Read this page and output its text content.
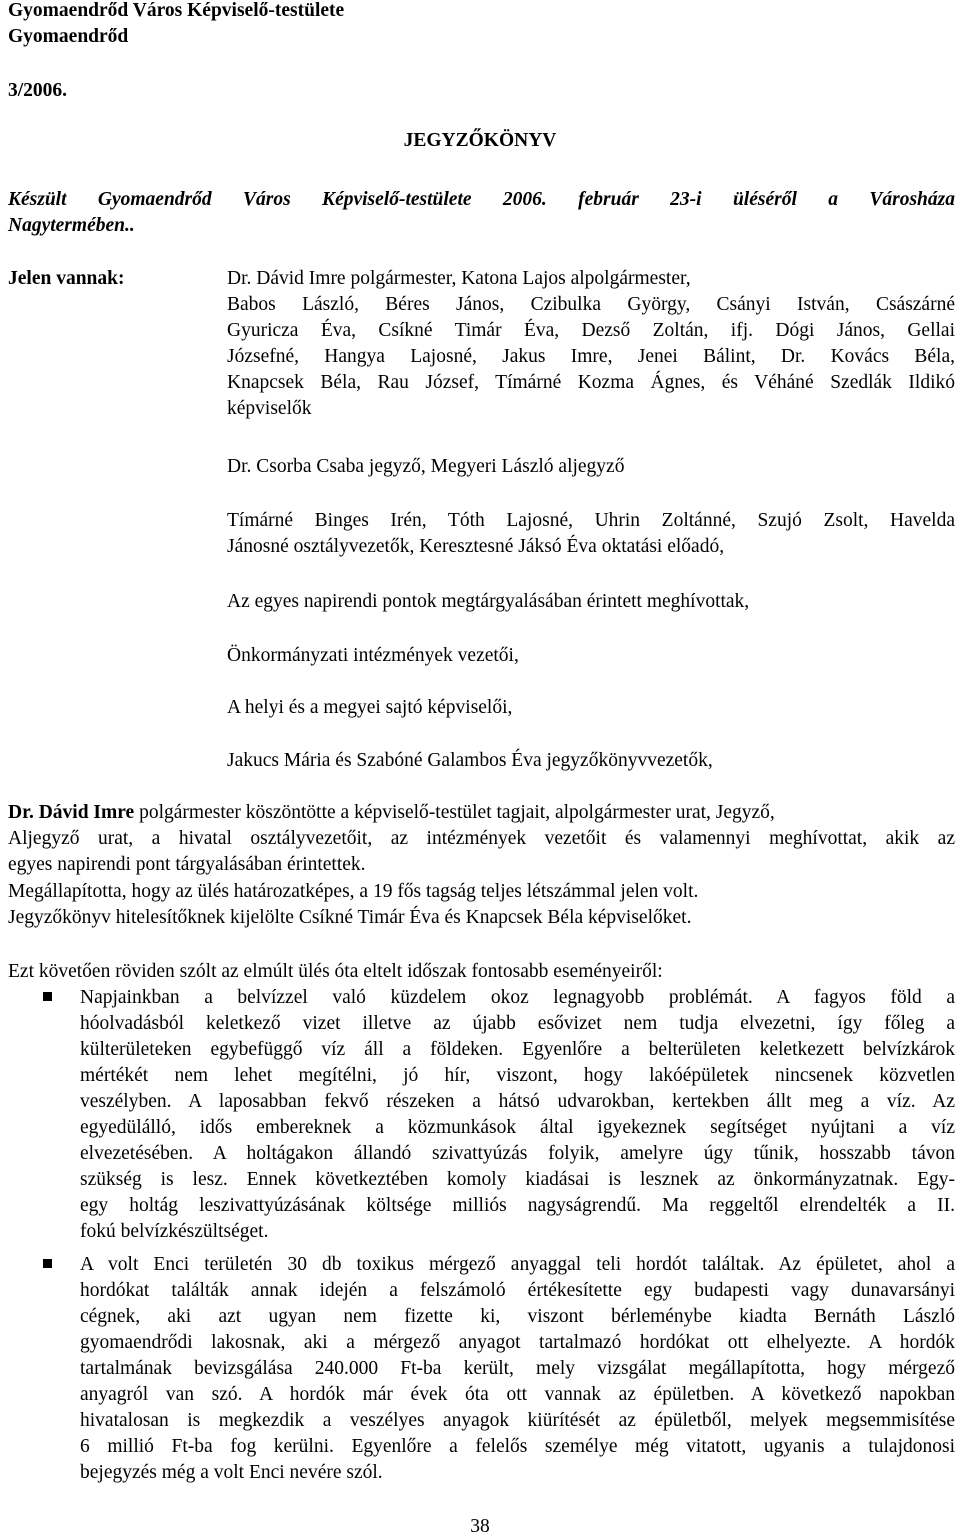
Gyomaendrőd Város Képviselő-testülete
Gyomaendrőd
3/2006.
JEGYZŐKÖNYV
Készült Gyomaendrőd Város Képviselő-testülete 2006. február 23-i üléséről a Városháza
Nagytermében..
Jelen vannak:	Dr. Dávid Imre polgármester, Katona Lajos alpolgármester,
Babos László, Béres János, Czibulka György, Csányi István, Császárné
Gyuricza Éva, Csíkné Timár Éva, Dezső Zoltán, ifj. Dógi János, Gellai
Józsefné, Hangya Lajosné, Jakus Imre, Jenei Bálint, Dr. Kovács Béla,
Knapcsek Béla, Rau József, Tímárné Kozma Ágnes, és Véháné Szedlák Ildikó
képviselők
Dr. Csorba Csaba jegyző, Megyeri László aljegyző
Tímárné Binges Irén, Tóth Lajosné, Uhrin Zoltánné, Szujó Zsolt, Havelda
Jánosné osztályvezetők, Keresztesné Jáksó Éva oktatási előadó,
Az egyes napirendi pontok megtárgyalásában érintett meghívottak,
Önkormányzati intézmények vezetői,
A helyi és a megyei sajtó képviselői,
Jakucs Mária és Szabóné Galambos Éva jegyzőkönyvvezetők,
Dr. Dávid Imre polgármester köszöntötte a képviselő-testület tagjait, alpolgármester urat, Jegyző,
Aljegyző urat, a hivatal osztályvezetőit, az intézmények vezetőit és valamennyi meghívottat, akik az
egyes napirendi pont tárgyalásában érintettek.
Megállapította, hogy az ülés határozatképes, a 19 fős tagság teljes létszámmal jelen volt.
Jegyzőkönyv hitelesítőknek kijelölte Csíkné Timár Éva és Knapcsek Béla képviselőket.
Ezt követően röviden szólt az elmúlt ülés óta eltelt időszak fontosabb eseményeiről:
Napjainkban a belvízzel való küzdelem okoz legnagyobb problémát. A fagyos föld a
hóolvadásból keletkező vizet illetve az újabb esővizet nem tudja elvezetni, így főleg a
külterületeken egybefüggő víz áll a földeken. Egyenlőre a belterületen keletkezett belvízkárok
mértékét nem lehet megítélni, jó hír, viszont, hogy lakóépületek nincsenek közvetlen
veszélyben. A laposabban fekvő részeken a hátsó udvarokban, kertekben állt meg a víz. Az
egyedülálló, idős embereknek a közmunkások által igyekeznek segítséget nyújtani a víz
elvezetésében. A holtágakon állandó szivattyúzás folyik, amelyre úgy tűnik, hosszabb távon
szükség is lesz. Ennek következtében komoly kiadásai is lesznek az önkormányzatnak. Egy-
egy holtág leszivattyúzásának költsége milliós nagyságrendű. Ma reggeltől elrendelték a II.
fokú belvízkészültséget.
A volt Enci területén 30 db toxikus mérgező anyaggal teli hordót találtak. Az épületet, ahol a
hordókat találták annak idején a felszámoló értékesítette egy budapesti vagy dunavarsányi
cégnek, aki azt ugyan nem fizette ki, viszont bérleménybe kiadta Bernáth László
gyomaendrődi lakosnak, aki a mérgező anyagot tartalmazó hordókat ott elhelyezte. A hordók
tartalmának bevizsgálása 240.000 Ft-ba került, mely vizsgálat megállapította, hogy mérgező
anyagról van szó. A hordók már évek óta ott vannak az épületben. A következő napokban
hivatalosan is megkezdik a veszélyes anyagok kiürítését az épületből, melyek megsemmisítése
6 millió Ft-ba fog kerülni. Egyenlőre a felelős személye még vitatott, ugyanis a tulajdonosi
bejegyzés még a volt Enci nevére szól.
38
